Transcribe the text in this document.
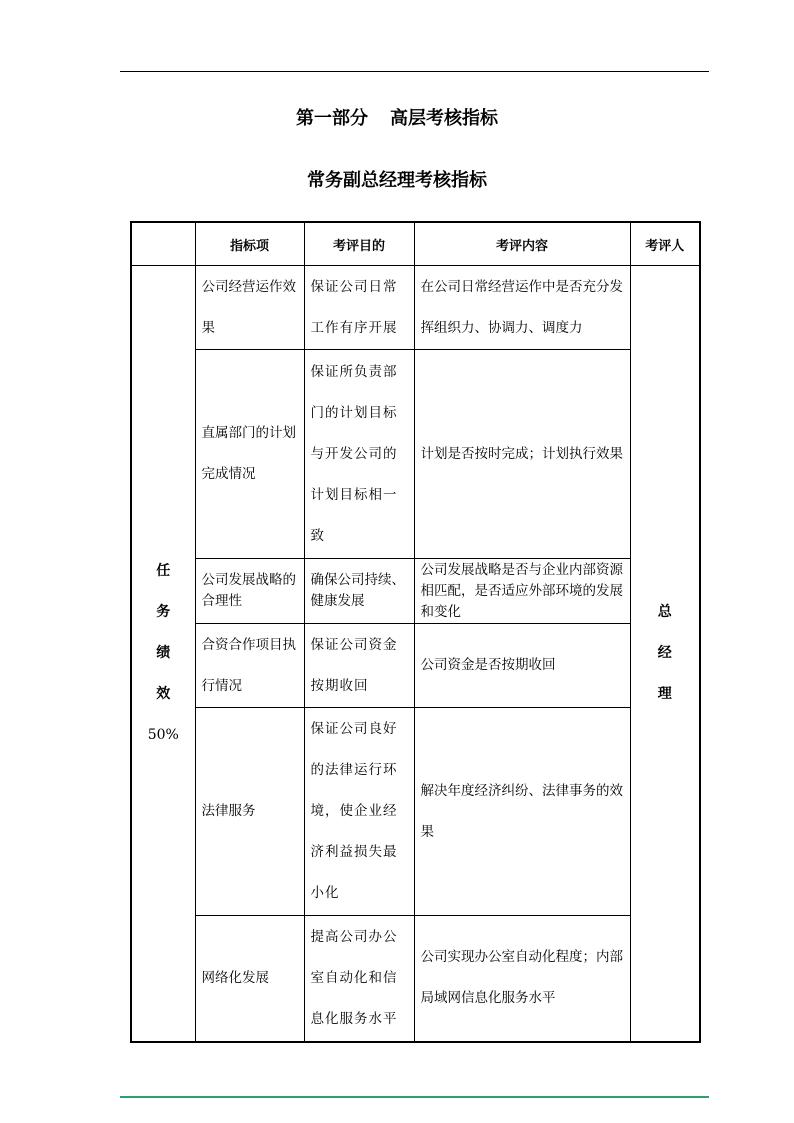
第一部分 高层考核指标
常务副总经理考核指标
	指标项	考评目的	考评内容	考评人

任
务
绩
效
50%	公司经营运作效果	保证公司日常工作有序开展	在公司日常经营运作中是否充分发挥组织力、协调力、调度力	总
经
理

	直属部门的计划完成情况	保证所负责部门的计划目标与开发公司的计划目标相一致	计划是否按时完成；计划执行效果	
	公司发展战略的合理性	确保公司持续、健康发展	公司发展战略是否与企业内部资源相匹配，是否适应外部环境的发展和变化	
	合资合作项目执行情况	保证公司资金按期收回	公司资金是否按期收回	
	法律服务	保证公司良好的法律运行环境，使企业经济利益损失最小化	解决年度经济纠纷、法律事务的效果	
	网络化发展	提高公司办公室自动化和信息化服务水平	公司实现办公室自动化程度；内部局域网信息化服务水平	
